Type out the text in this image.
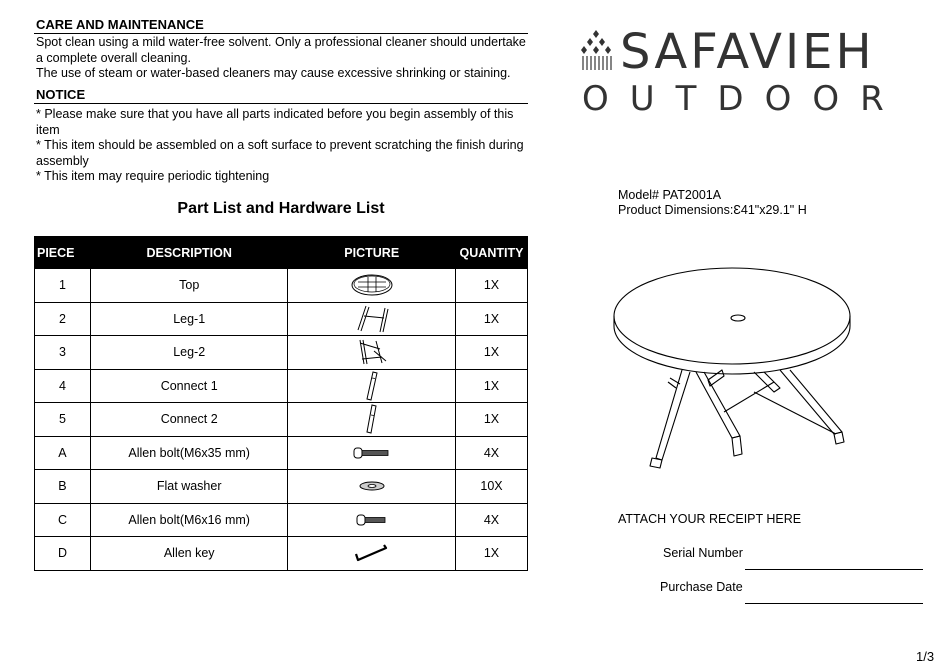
CARE AND MAINTENANCE
Spot clean using a mild water-free solvent. Only a professional cleaner should undertake
a complete overall cleaning.
The use of steam or water-based cleaners may cause excessive shrinking or staining.
NOTICE
* Please make sure that you have all parts indicated before you begin assembly of this
item
* This item should be assembled on a soft surface to prevent scratching the finish during
assembly
* This item may require periodic tightening
Part List and Hardware List
PIECE	DESCRIPTION	PICTURE	QUANTITY
1	Top		1X
2	Leg-1		1X
3	Leg-2		1X
4	Connect 1		1X
5	Connect 2		1X
A	Allen bolt(M6x35 mm)		4X
B	Flat washer		10X
C	Allen bolt(M6x16 mm)		4X
D	Allen key		1X
SAFAVIEH
OUTDOOR
Model# PAT2001A
Product Dimensions:Ɛ41"x29.1" H
ATTACH YOUR RECEIPT HERE
Serial Number
Purchase Date
1/3
